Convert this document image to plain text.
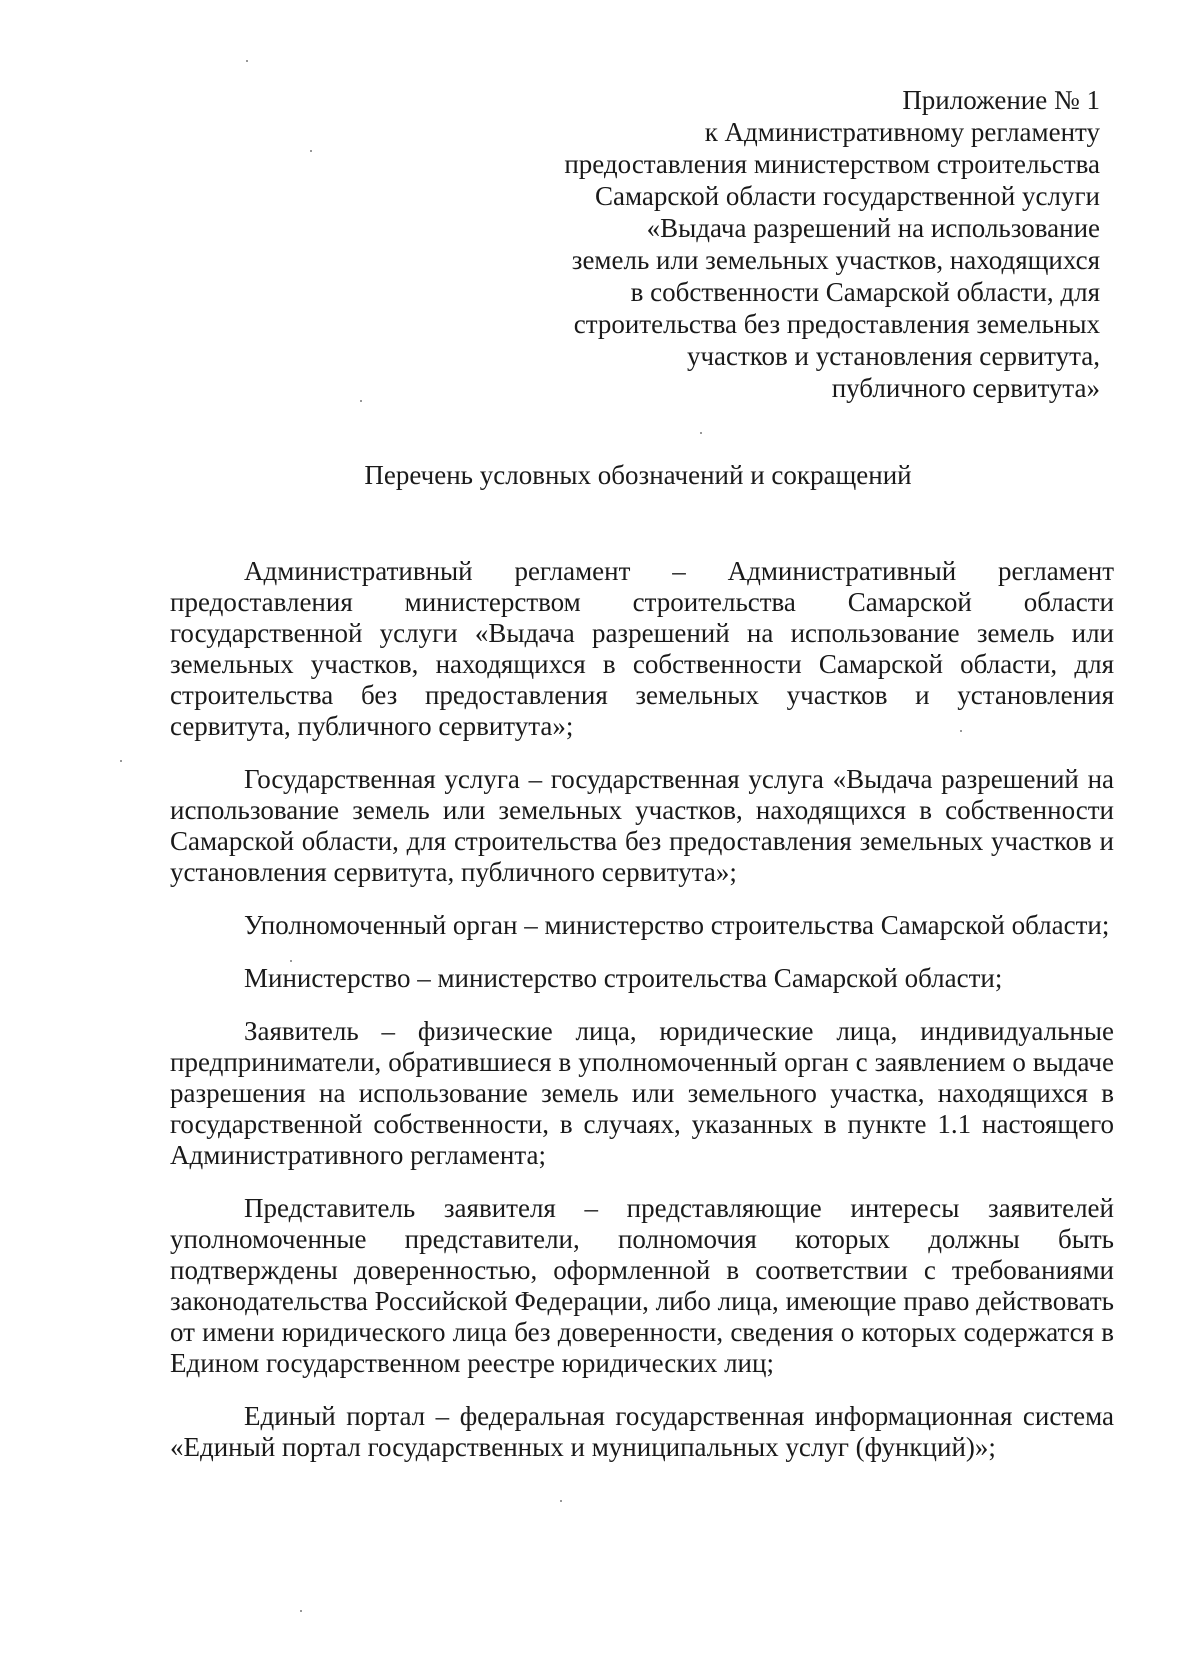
Приложение № 1
к Административному регламенту
предоставления министерством строительства
Самарской области государственной услуги
«Выдача разрешений на использование
земель или земельных участков, находящихся
в собственности Самарской области, для
строительства без предоставления земельных
участков и установления сервитута,
публичного сервитута»
Перечень условных обозначений и сокращений

Административный регламент – Административный регламент предоставления министерством строительства Самарской области государственной услуги «Выдача разрешений на использование земель или земельных участков, находящихся в собственности Самарской области, для строительства без предоставления земельных участков и установления сервитута, публичного сервитута»;

Государственная услуга – государственная услуга «Выдача разрешений на использование земель или земельных участков, находящихся в собственности Самарской области, для строительства без предоставления земельных участков и установления сервитута, публичного сервитута»;

Уполномоченный орган – министерство строительства Самарской области;

Министерство – министерство строительства Самарской области;

Заявитель – физические лица, юридические лица, индивидуальные предприниматели, обратившиеся в уполномоченный орган с заявлением о выдаче разрешения на использование земель или земельного участка, находящихся в государственной собственности, в случаях, указанных в пункте 1.1 настоящего Административного регламента;

Представитель заявителя – представляющие интересы заявителей уполномоченные представители, полномочия которых должны быть подтверждены доверенностью, оформленной в соответствии с требованиями законодательства Российской Федерации, либо лица, имеющие право действовать от имени юридического лица без доверенности, сведения о которых содержатся в Едином государственном реестре юридических лиц;

Единый портал – федеральная государственная информационная система «Единый портал государственных и муниципальных услуг (функций)»;
